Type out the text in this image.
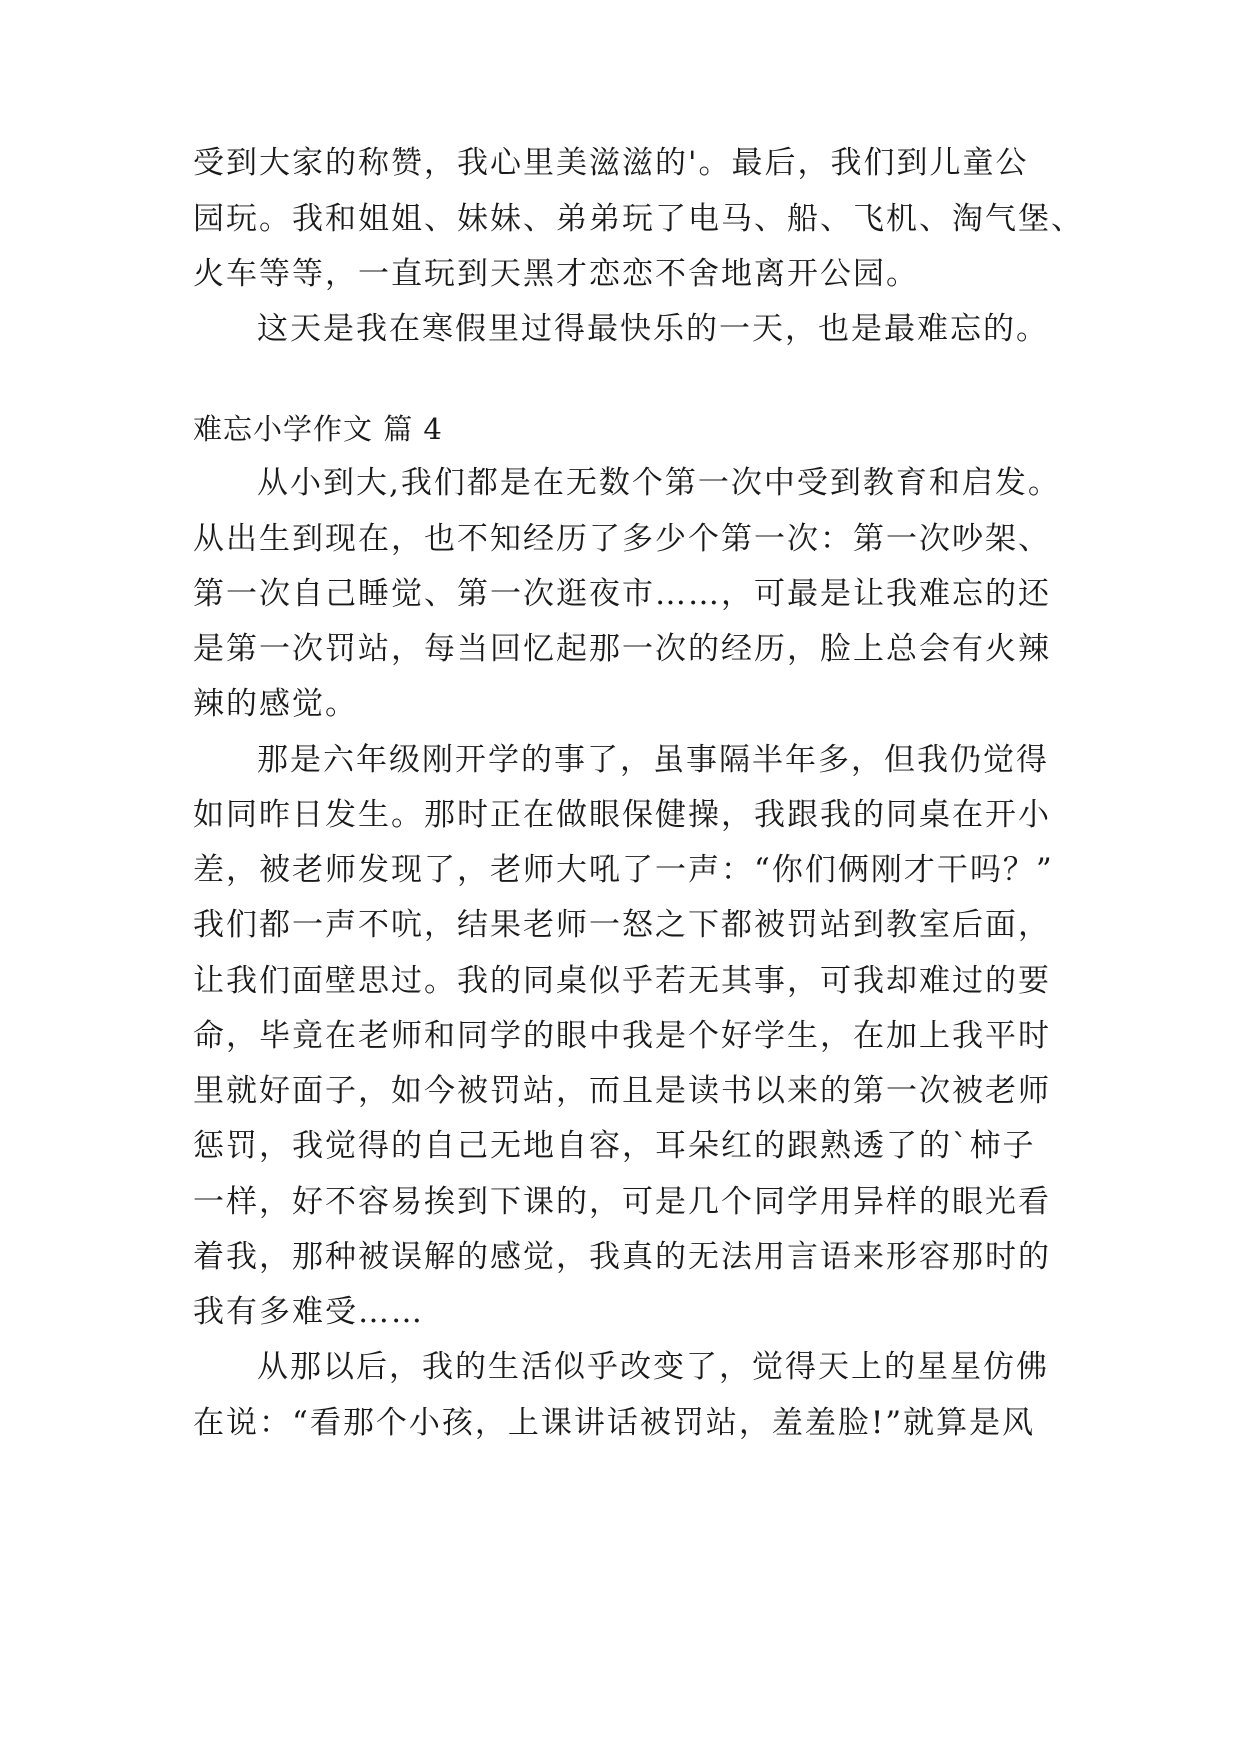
受到大家的称赞，我心里美滋滋的'。最后，我们到儿童公
园玩。我和姐姐、妹妹、弟弟玩了电马、船、飞机、淘气堡、
火车等等，一直玩到天黑才恋恋不舍地离开公园。
这天是我在寒假里过得最快乐的一天，也是最难忘的。
难忘小学作文 篇 4
从小到大,我们都是在无数个第一次中受到教育和启发。
从出生到现在，也不知经历了多少个第一次：第一次吵架、
第一次自己睡觉、第一次逛夜市……，可最是让我难忘的还
是第一次罚站，每当回忆起那一次的经历，脸上总会有火辣
辣的感觉。
那是六年级刚开学的事了，虽事隔半年多，但我仍觉得
如同昨日发生。那时正在做眼保健操，我跟我的同桌在开小
差，被老师发现了，老师大吼了一声：“你们俩刚才干吗？”
我们都一声不吭，结果老师一怒之下都被罚站到教室后面，
让我们面壁思过。我的同桌似乎若无其事，可我却难过的要
命，毕竟在老师和同学的眼中我是个好学生，在加上我平时
里就好面子，如今被罚站，而且是读书以来的第一次被老师
惩罚，我觉得的自己无地自容，耳朵红的跟熟透了的`柿子
一样，好不容易挨到下课的，可是几个同学用异样的眼光看
着我，那种被误解的感觉，我真的无法用言语来形容那时的
我有多难受……
从那以后，我的生活似乎改变了，觉得天上的星星仿佛
在说：“看那个小孩，上课讲话被罚站，羞羞脸!”就算是风
